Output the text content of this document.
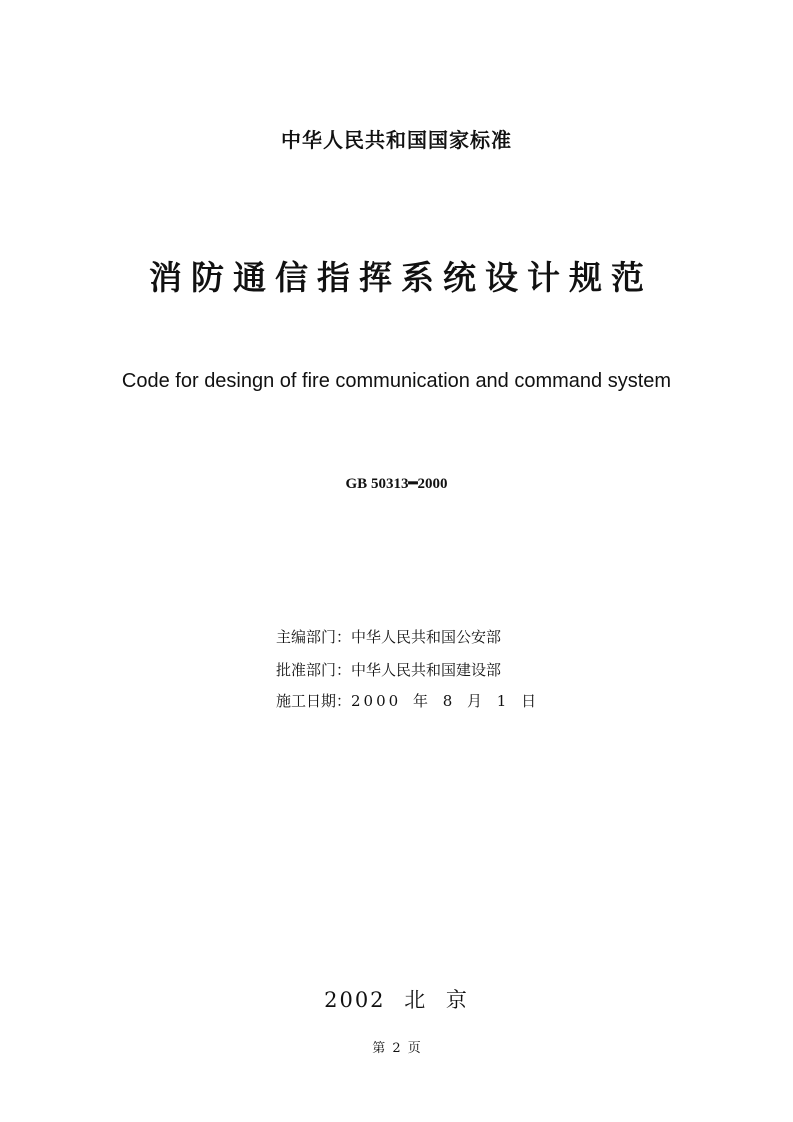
中华人民共和国国家标准
消防通信指挥系统设计规范
Code for desingn of fire communication and command system
GB 50313━2000
主编部门：中华人民共和国公安部
批准部门：中华人民共和国建设部
施工日期：2000 年 8 月 1 日
2002 北 京
第 2 页
